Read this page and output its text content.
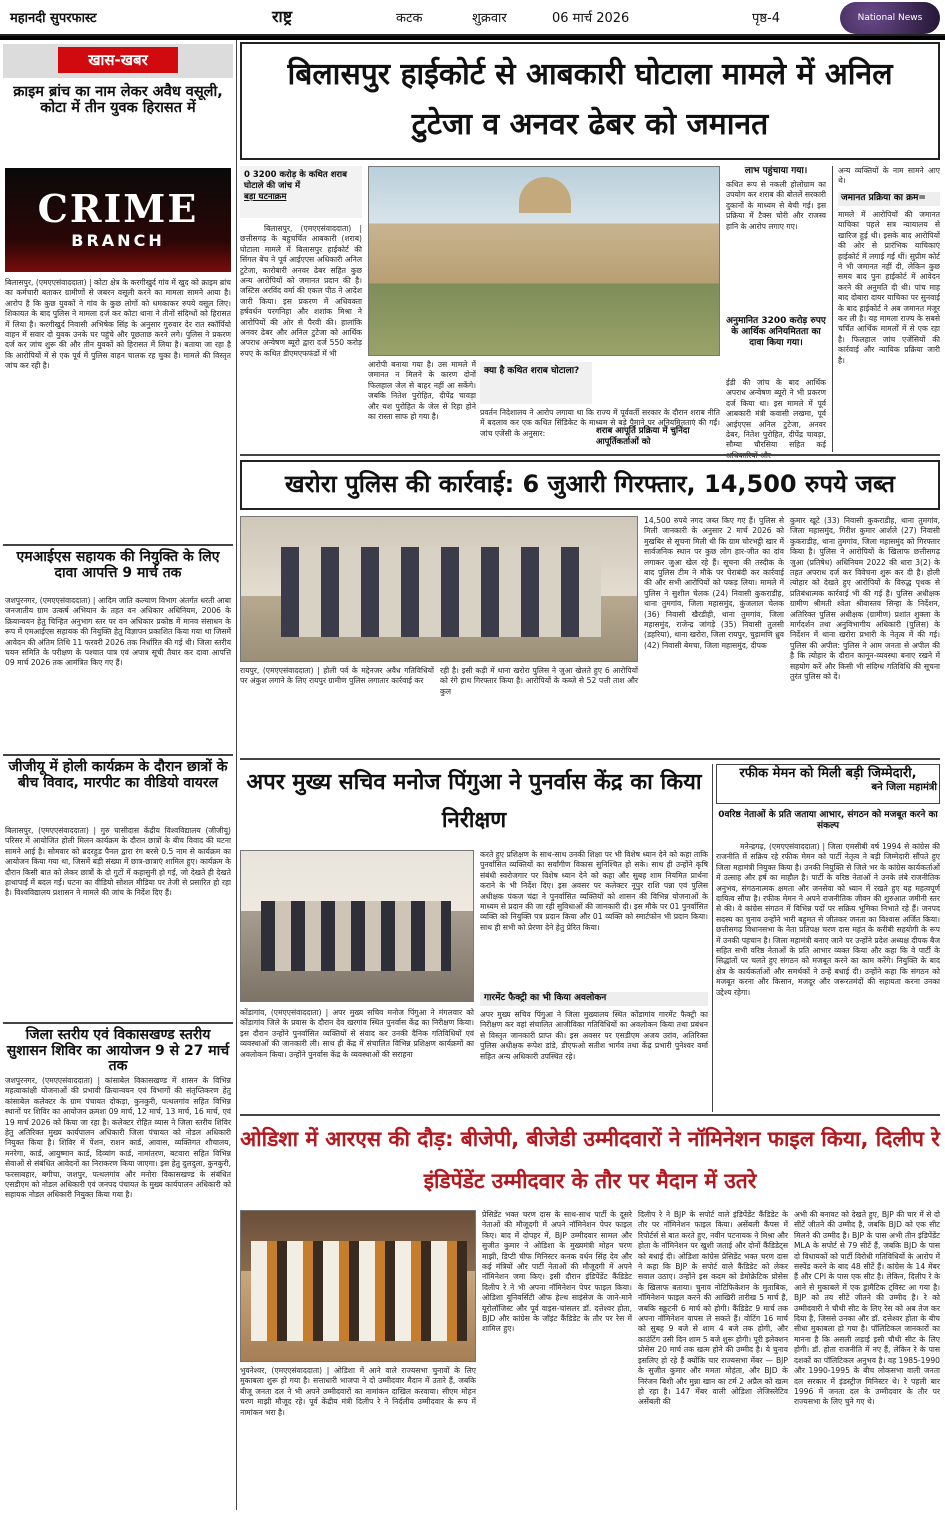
महानदी सुपरफास्ट	राष्ट्र	कटक	शुक्रवार	06 मार्च 2026	पृष्ठ-4	National News
खास-खबर
क्राइम ब्रांच का नाम लेकर अवैध वसूली, कोटा में तीन युवक हिरासत में
CRIME
BRANCH
बिलासपुर, (एमएएसंवाददाता) | कोटा क्षेत्र के करगीखुर्द गांव में खुद को क्राइम ब्रांच का कर्मचारी बताकर ग्रामीणों से जबरन वसूली करने का मामला सामने आया है। आरोप है कि कुछ युवकों ने गांव के कुछ लोगों को धमकाकर रुपये वसूल लिए। शिकायत के बाद पुलिस ने मामला दर्ज कर कोटा थाना ने तीनों संदिग्धों को हिरासत में लिया है। करगीखुर्द निवासी अभिषेक सिंह के अनुसार गुरुवार देर रात स्कॉर्पियो वाहन में सवार दो युवक उनके घर पहुंचे और पूछताछ करने लगे। पुलिस ने प्रकरण दर्ज कर जांच शुरू की और तीन युवकों को हिरासत में लिया है। बताया जा रहा है कि आरोपियों में से एक पूर्व में पुलिस वाहन चालक रह चुका है। मामले की विस्तृत जांच कर रही है।
एमआईएस सहायक की नियुक्ति के लिए दावा आपत्ति 9 मार्च तक
जशपुरनगर, (एमएएसंवाददाता) | आदिम जाति कल्याण विभाग अंतर्गत धरती आबा जनजातीय ग्राम उत्कर्ष अभियान के तहत वन अधिकार अधिनियम, 2006 के क्रियान्वयन हेतु चिन्हित अनुभाग स्तर पर वन अधिकार प्रकोष्ठ में मानव संसाधन के रूप में एमआईएस सहायक की नियुक्ति हेतु विज्ञापन प्रकाशित किया गया था जिसमें आवेदन की अंतिम तिथि 11 फरवरी 2026 तक निर्धारित की गई थी। जिला स्तरीय चयन समिति के परीक्षण के पश्चात पात्र एवं अपात्र सूची तैयार कर दावा आपत्ति 09 मार्च 2026 तक आमंत्रित किए गए हैं।
जीजीयू में होली कार्यक्रम के दौरान छात्रों के बीच विवाद, मारपीट का वीडियो वायरल
बिलासपुर, (एमएएसंवाददाता) | गुरु घासीदास केंद्रीय विश्वविद्यालय (जीजीयू) परिसर में आयोजित होली मिलन कार्यक्रम के दौरान छात्रों के बीच विवाद की घटना सामने आई है। सोमवार को ब्रदरहुड पैनल द्वारा रंग बरसे 0.5 नाम से कार्यक्रम का आयोजन किया गया था, जिसमें बड़ी संख्या में छात्र-छात्राएं शामिल हुए। कार्यक्रम के दौरान किसी बात को लेकर छात्रों के दो गुटों में कहासुनी हो गई, जो देखते ही देखते हाथापाई में बदल गई। घटना का वीडियो सोशल मीडिया पर तेजी से प्रसारित हो रहा है। विश्वविद्यालय प्रशासन ने मामले की जांच के निर्देश दिए हैं।
जिला स्तरीय एवं विकासखण्ड स्तरीय सुशासन शिविर का आयोजन 9 से 27 मार्च तक
जशपुरनगर, (एमएएसंवाददाता) | कांसाबेल विकासखण्ड में शासन के विभिन्न महत्वाकांक्षी योजनाओं की प्रभावी क्रियान्वयन एवं विभागों की संतृप्तिकरण हेतु कांसाबेल कलेक्टर के ग्राम पंचायत दोकड़ा, कुनकुरी, पत्थलगांव सहित विभिन्न स्थानों पर शिविर का आयोजन क्रमशः 09 मार्च, 12 मार्च, 13 मार्च, 16 मार्च, एवं 19 मार्च 2026 को किया जा रहा है। कलेक्टर रोहित व्यास ने जिला स्तरीय शिविर हेतु अतिरिक्त मुख्य कार्यपालन अधिकारी जिला पंचायत को नोडल अधिकारी नियुक्त किया है। शिविर में पेंशन, राशन कार्ड, आवास, व्यक्तिगत शौचालय, मनरेगा, कार्ड, आयुष्मान कार्ड, दिव्यांग कार्ड, नामांतरण, बटवारा सहित विभिन्न सेवाओं से संबंधित आवेदनों का निराकरण किया जाएगा। इस हेतु दुलदुला, कुनकुरी, फरसाबहार, बगीचा, जशपुर, पत्थलगांव और मनोरा विकासखण्ड के संबंधित एसडीएम को नोडल अधिकारी एवं जनपद पंचायत के मुख्य कार्यपालन अधिकारी को सहायक नोडल अधिकारी नियुक्त किया गया है।
बिलासपुर हाईकोर्ट से आबकारी घोटाला मामले में अनिल टुटेजा व अनवर ढेबर को जमानत
0 3200 करोड़ के कथित शराब घोटाले की जांच में
बड़ा घटनाक्रम
बिलासपुर, (एमएएसंवाददाता) | छत्तीसगढ़ के बहुचर्चित आबकारी (शराब) घोटाला मामले में बिलासपुर हाईकोर्ट की सिंगल बेंच ने पूर्व आईएएस अधिकारी अनिल टुटेजा, कारोबारी अनवर ढेबर सहित कुछ अन्य आरोपियों को जमानत प्रदान की है। जस्टिस अरविंद वर्मा की एकल पीठ ने आदेश जारी किया। इस प्रकरण में अधिवक्ता हर्षवर्धन परगनिहा और शशांक मिश्रा ने आरोपियों की ओर से पैरवी की। हालांकि अनवर ढेबर और अनिल टुटेजा को आर्थिक अपराध अन्वेषण ब्यूरो द्वारा दर्ज 550 करोड़ रुपए के कथित डीएमएफफंडों में भी
आरोपी बनाया गया है। उस मामले में जमानत न मिलने के कारण दोनों फिलहाल जेल से बाहर नहीं आ सकेंगे। जबकि नितेश पुरोहित, दीपेंद्र चावड़ा और यश पुरोहित के जेल से रिहा होने का रास्ता साफ हो गया है।
क्या है कथित शराब घोटाला?
प्रवर्तन निदेशालय ने आरोप लगाया था कि राज्य में पूर्ववर्ती सरकार के दौरान शराब नीति में बदलाव कर एक कथित सिंडिकेट के माध्यम से बड़े पैमाने पर अनियमितताएं की गईं। जांच एजेंसी के अनुसार:	शराब आपूर्ति प्रक्रिया में चुनिंदा आपूर्तिकर्ताओं को
लाभ पहुंचाया गया।
कथित रूप से नकली होलोग्राम का उपयोग कर शराब की बोतलें सरकारी दुकानों के माध्यम से बेची गई। इस प्रक्रिया में टैक्स चोरी और राजस्व हानि के आरोप लगाए गए।
अनुमानित 3200 करोड़ रुपए के आर्थिक अनियमितता का दावा किया गया।
ईडी की जांच के बाद आर्थिक अपराध अन्वेषण ब्यूरो ने भी प्रकरण दर्ज किया था। इस मामले में पूर्व आबकारी मंत्री कवासी लखमा, पूर्व आईएएस अनिल टुटेजा, अनवर ढेबर, नितेश पुरोहित, दीपेंद्र चावड़ा, सौम्या चौरसिया सहित कई
अन्य व्यक्तियों के नाम सामने आए थे।
जमानत प्रक्रिया का क्रम=
मामले में आरोपियों की जमानत याचिका पहले सत्र न्यायालय से खारिज हुई थी। इसके बाद आरोपियों की ओर से प्रारंभिक याचिकाएं हाईकोर्ट में लगाई गई थीं। सुप्रीम कोर्ट ने भी जमानत नहीं दी, लेकिन कुछ समय बाद पुनः हाईकोर्ट में आवेदन करने की अनुमति दी थी। पांच माह बाद दोबारा दायर याचिका पर सुनवाई के बाद हाईकोर्ट ने अब जमानत मंजूर कर ली है। यह मामला राज्य के सबसे चर्चित आर्थिक मामलों में से एक रहा है। फिलहाल जांच एजेंसियों की कार्रवाई और न्यायिक प्रक्रिया जारी है।
खरोरा पुलिस की कार्रवाई: 6 जुआरी गिरफ्तार, 14,500 रुपये जब्त
रायपुर, (एमएएसंवाददाता) | होली पर्व के मद्देनजर अवैध गतिविधियों पर अंकुश लगाने के लिए रायपुर ग्रामीण पुलिस लगातार कार्रवाई कर
रही है। इसी कड़ी में थाना खरोरा पुलिस ने जुआ खेलते हुए 6 आरोपियों को रंगे हाथ गिरफ्तार किया है। आरोपियों के कब्जे से 52 पत्ती ताश और कुल
14,500 रुपये नगद जब्त किए गए हैं। पुलिस से मिली जानकारी के अनुसार 2 मार्च 2026 को मुखबिर से सूचना मिली थी कि ग्राम चोरभट्ठी खार में सार्वजनिक स्थान पर कुछ लोग हार-जीत का दांव लगाकर जुआ खेल रहे हैं। सूचना की तस्दीक के बाद पुलिस टीम ने मौके पर घेराबंदी कर कार्रवाई की और सभी आरोपियों को पकड़ लिया। मामले में पुलिस ने सुशील चेलक (24) निवासी कुकराडीह, थाना तुमगांव, जिला महासमुंद, कुंजलाल चेलक (36) निवासी खैरडीही, थाना तुमगांव, जिला महासमुंद, राजेन्द्र जांगड़े (35) निवासी तुलसी (डहरिया), थाना खरोरा, जिला रायपुर, चुड़ामणि ध्रुव (42) निवासी बेमचा, जिला महासमुंद, दीपक
कुमार खूटे (33) निवासी कुकराडीह, थाना तुमगांव, जिला महासमुंद, गिरीश कुमार आर्शले (27) निवासी कुकराडीह, थाना तुमगांव, जिला महासमुंद को गिरफ्तार किया है। पुलिस ने आरोपियों के खिलाफ छत्तीसगढ़ जुआ (प्रतिषेध) अधिनियम 2022 की धारा 3(2) के तहत अपराध दर्ज कर विवेचना शुरू कर दी है। होली त्योहार को देखते हुए आरोपियों के विरुद्ध पृथक से प्रतिबंधात्मक कार्रवाई भी की गई है। पुलिस अधीक्षक ग्रामीण श्रीमती श्वेता श्रीवास्तव सिन्हा के निर्देशन, अतिरिक्त पुलिस अधीक्षक (ग्रामीण) प्रशांत शुक्ला के मार्गदर्शन तथा अनुविभागीय अधिकारी (पुलिस) के निर्देशन में थाना खरोरा प्रभारी के नेतृत्व में की गई। पुलिस की अपील: पुलिस ने आम जनता से अपील की है कि त्योहार के दौरान कानून-व्यवस्था बनाए रखने में सहयोग करें और किसी भी संदिग्ध गतिविधि की सूचना तुरंत पुलिस को दें।
अपर मुख्य सचिव मनोज पिंगुआ ने पुनर्वास केंद्र का किया निरीक्षण
करते हुए प्रशिक्षण के साथ-साथ उनकी शिक्षा पर भी विशेष ध्यान देने को कहा ताकि पुनर्वासित व्यक्तियों का सर्वांगीण विकास सुनिश्चित हो सके। साथ ही उन्होंने कृषि संबंधी स्वरोजगार पर विशेष ध्यान देने को कहा और सुबह शाम नियमित प्रार्थना कराने के भी निर्देश दिए। इस अवसर पर कलेक्टर नूपुर राशि पन्ना एवं पुलिस अधीक्षक पंकज चंद्रा ने पुनर्वासित व्यक्तियों को शासन की विभिन्न योजनाओं के माध्यम से प्रदान की जा रही सुविधाओं की जानकारी दी। इस मौके पर 01 पुनर्वासित व्यक्ति को नियुक्ति पत्र प्रदान किया और 01 व्यक्ति को स्मार्टफोन भी प्रदान किया। साथ ही सभी को प्रेरणा देने हेतु प्रेरित किया।
गारमेंट फैक्ट्री का भी किया अवलोकन
कोंडागांव, (एमएएसंवाददाता) | अपर मुख्य सचिव मनोज पिंगुआ ने मंगलवार को कोंडागांव जिले के प्रवास के दौरान देव खरगांव स्थित पुनर्वास केंद्र का निरीक्षण किया। इस दौरान उन्होंने पुनर्वासित व्यक्तियों से संवाद कर उनकी दैनिक गतिविधियों एवं व्यवस्थाओं की जानकारी ली। साथ ही केंद्र में संचालित विभिन्न प्रशिक्षण कार्यक्रमों का अवलोकन किया। उन्होंने पुनर्वास केंद्र के व्यवस्थाओं की सराहना
अपर मुख्य सचिव पिंगुआ ने जिला मुख्यालय स्थित कोंडागांव गारमेंट फैक्ट्री का निरीक्षण कर वहां संचालित आजीविका गतिविधियों का अवलोकन किया तथा प्रबंधन से विस्तृत जानकारी प्राप्त की। इस अवसर पर एसडीएम अजय उरांव, अतिरिक्त पुलिस अधीक्षक रूपेश डांडे, डीएफओ सतीश भार्गव तथा केंद्र प्रभारी पुनेश्वर वर्मा सहित अन्य अधिकारी उपस्थित रहे।
रफीक मेमन को मिली बड़ी जिम्मेदारी,
बने जिला महामंत्री
0वरिष्ठ नेताओं के प्रति जताया आभार, संगठन को मजबूत करने का संकल्प
मनेन्द्रगढ़, (एमएएसंवाददाता) | जिला एमसीबी वर्ष 1994 से कांग्रेस की राजनीति में सक्रिय रहे रफीक मेमन को पार्टी नेतृत्व ने बड़ी जिम्मेदारी सौंपते हुए जिला महामंत्री नियुक्त किया है। उनकी नियुक्ति से जिले भर के कांग्रेस कार्यकर्ताओं में उत्साह और हर्ष का माहौल है। पार्टी के वरिष्ठ नेताओं ने उनके लंबे राजनीतिक अनुभव, संगठनात्मक क्षमता और जनसेवा को ध्यान में रखते हुए यह महत्वपूर्ण दायित्व सौंपा है। रफीक मेमन ने अपने राजनीतिक जीवन की शुरुआत जमीनी स्तर से की। वे कांग्रेस संगठन में विभिन्न पदों पर सक्रिय भूमिका निभाते रहे हैं। जनपद सदस्य का चुनाव उन्होंने भारी बहुमत से जीतकर जनता का विश्वास अर्जित किया। छत्तीसगढ़ विधानसभा के नेता प्रतिपक्ष चरण दास महंत के करीबी सहयोगी के रूप में उनकी पहचान है। जिला महामंत्री बनाए जाने पर उन्होंने प्रदेश अध्यक्ष दीपक बैज सहित सभी वरिष्ठ नेताओं के प्रति आभार व्यक्त किया और कहा कि वे पार्टी के सिद्धांतों पर चलते हुए संगठन को मजबूत करने का काम करेंगे। नियुक्ति के बाद क्षेत्र के कार्यकर्ताओं और समर्थकों ने उन्हें बधाई दी। उन्होंने कहा कि संगठन को मजबूत करना और किसान, मजदूर और जरूरतमंदों की सहायता करना उनका उद्देश्य रहेगा।
ओडिशा में आरएस की दौड़: बीजेपी, बीजेडी उम्मीदवारों ने नॉमिनेशन फाइल किया, दिलीप रे इंडिपेंडेंट उम्मीदवार के तौर पर मैदान में उतरे
भुवनेश्वर, (एमएएसंवाददाता) | ओडिशा में आने वाले राज्यसभा चुनावों के लिए मुकाबला शुरू हो गया है। सत्ताधारी भाजपा ने दो उम्मीदवार मैदान में उतारे हैं, जबकि बीजू जनता दल ने भी अपने उम्मीदवारों का नामांकन दाखिल करवाया। सीएम मोहन चरण माझी मौजूद रहे। पूर्व केंद्रीय मंत्री दिलीप रे ने निर्दलीय उम्मीदवार के रूप में नामांकन भरा है।
प्रेसिडेंट भक्त चरण दास के साथ-साथ पार्टी के दूसरे नेताओं की मौजूदगी में अपने नॉमिनेशन पेपर फाइल किए। बाद में दोपहर में, BJP उम्मीदवार सामल और सुजीत कुमार ने ओडिशा के मुख्यमंत्री मोहन चरण माझी, डिप्टी चीफ मिनिस्टर कनक वर्धन सिंह देव और कई मंत्रियों और पार्टी नेताओं की मौजूदगी में अपने नॉमिनेशन जमा किए। इसी दौरान इंडिपेंडेंट कैंडिडेट दिलीप रे ने भी अपना नॉमिनेशन पेपर फाइल किया। ओडिशा यूनिवर्सिटी ऑफ हेल्थ साइंसेज के जाने-माने यूरोलॉजिस्ट और पूर्व वाइस-चांसलर डॉ. दत्तेश्वर होता, BJD और कांग्रेस के जॉइंट कैंडिडेट के तौर पर रेस में शामिल हुए।
दिलीप रे ने BJP के सपोर्ट वाले इंडिपेंडेंट कैंडिडेट के तौर पर नॉमिनेशन फाइल किया। असेंबली कैंपस में रिपोर्टर्स से बात करते हुए, नवीन पटनायक ने मिश्रा और होता के नॉमिनेशन पर खुशी जताई और दोनों कैंडिडेट्स को बधाई दी। ओडिशा कांग्रेस प्रेसिडेंट भक्त चरण दास ने कहा कि BJP के सपोर्ट वाले कैंडिडेट को लेकर सवाल उठाए। उन्होंने इस कदम को डेमोक्रेटिक प्रोसेस के खिलाफ बताया। चुनाव नोटिफिकेशन के मुताबिक, नॉमिनेशन फाइल करने की आखिरी तारीख 5 मार्च है, जबकि स्क्रूटनी 6 मार्च को होगी। कैंडिडेट 9 मार्च तक अपना नॉमिनेशन वापस ले सकते हैं। वोटिंग 16 मार्च को सुबह 9 बजे से शाम 4 बजे तक होगी, और काउंटिंग उसी दिन शाम 5 बजे शुरू होगी। पूरी इलेक्शन प्रोसेस 20 मार्च तक खत्म होने की उम्मीद है। ये चुनाव इसलिए हो रहे हैं क्योंकि चार राज्यसभा मेंबर — BJP के सुजीत कुमार और ममता मोहंता, और BJD के निरंजन बिशी और मुन्ना खान का टर्म 2 अप्रैल को खत्म हो रहा है। 147 मेंबर वाली ओडिशा लेजिस्लेटिव असेंबली की
अभी की बनावट को देखते हुए, BJP की चार में से दो सीटें जीतने की उम्मीद है, जबकि BJD को एक सीट मिलने की उम्मीद है। BJP के पास अभी तीन इंडिपेंडेंट MLA के सपोर्ट से 79 सीटें हैं, जबकि BJD के पास दो विधायकों को पार्टी विरोधी गतिविधियों के आरोप में सस्पेंड करने के बाद 48 सीटें हैं। कांग्रेस के 14 मेंबर हैं और CPI के पास एक सीट है। लेकिन, दिलीप रे के आने से मुकाबले में एक ड्रामैटिक ट्विस्ट आ गया है। BJP को तय सीटें जीतने की उम्मीद है। रे को उम्मीदवारी ने चौथी सीट के लिए रेस को अब तेज कर दिया है, जिससे उनका और डॉ. दत्तेश्वर होता के बीच सीधा मुकाबला हो गया है। पॉलिटिकल जानकारों का मानना है कि असली लड़ाई इसी चौथी सीट के लिए होगी। डॉ. होता राजनीति में नए हैं, लेकिन रे के पास दशकों का पॉलिटिकल अनुभव है। वह 1985-1990 और 1990-1995 के बीच लोकसभा वाली जनता दल सरकार में इंडस्ट्रीज मिनिस्टर थे। रे पहली बार 1996 में जनता दल के उम्मीदवार के तौर पर राज्यसभा के लिए चुने गए थे।
